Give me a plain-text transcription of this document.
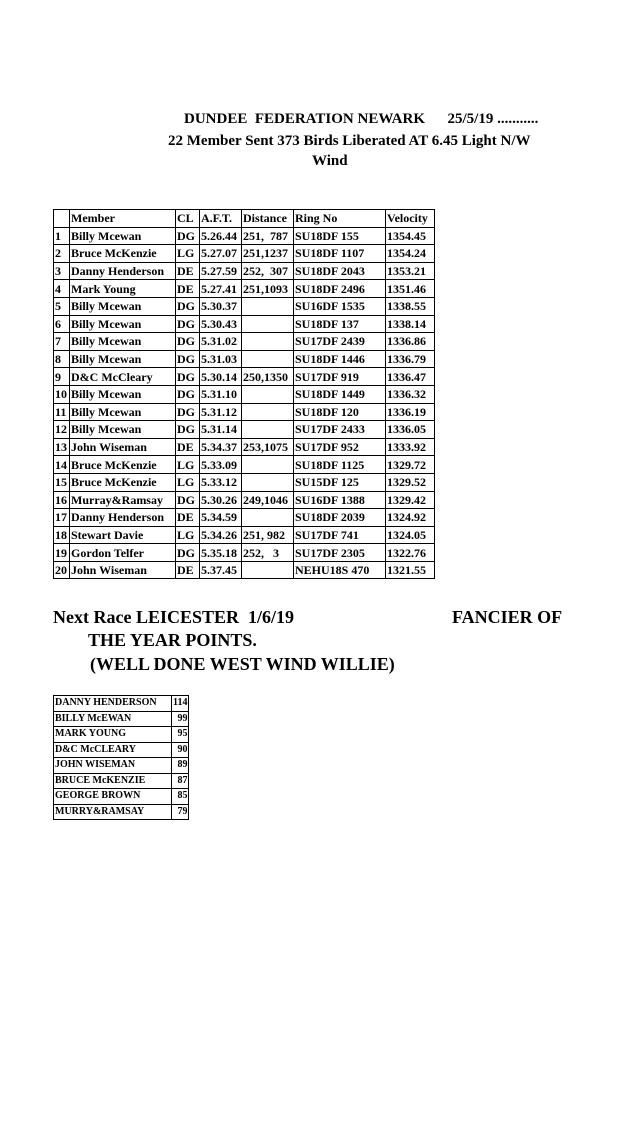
DUNDEE  FEDERATION NEWARK      25/5/19 ...........
22 Member Sent 373 Birds Liberated AT 6.45 Light N/W
Wind
	Member	CL	A.F.T.	Distance	Ring No	Velocity
1	Billy Mcewan	DG	5.26.44	251,  787	SU18DF 155	1354.45
2	Bruce McKenzie	LG	5.27.07	251,1237	SU18DF 1107	1354.24
3	Danny Henderson	DE	5.27.59	252,  307	SU18DF 2043	1353.21
4	Mark Young	DE	5.27.41	251,1093	SU18DF 2496	1351.46
5	Billy Mcewan	DG	5.30.37		SU16DF 1535	1338.55
6	Billy Mcewan	DG	5.30.43		SU18DF 137	1338.14
7	Billy Mcewan	DG	5.31.02		SU17DF 2439	1336.86
8	Billy Mcewan	DG	5.31.03		SU18DF 1446	1336.79
9	D&C McCleary	DG	5.30.14	250,1350	SU17DF 919	1336.47
10	Billy Mcewan	DG	5.31.10		SU18DF 1449	1336.32
11	Billy Mcewan	DG	5.31.12		SU18DF 120	1336.19
12	Billy Mcewan	DG	5.31.14		SU17DF 2433	1336.05
13	John Wiseman	DE	5.34.37	253,1075	SU17DF 952	1333.92
14	Bruce McKenzie	LG	5.33.09		SU18DF 1125	1329.72
15	Bruce McKenzie	LG	5.33.12		SU15DF 125	1329.52
16	Murray&Ramsay	DG	5.30.26	249,1046	SU16DF 1388	1329.42
17	Danny Henderson	DE	5.34.59		SU18DF 2039	1324.92
18	Stewart Davie	LG	5.34.26	251, 982	SU17DF 741	1324.05
19	Gordon Telfer	DG	5.35.18	252,   3	SU17DF 2305	1322.76
20	John Wiseman	DE	5.37.45		NEHU18S 470	1321.55
Next Race LEICESTER  1/6/19	FANCIER OF
THE YEAR POINTS.
(WELL DONE WEST WIND WILLIE)
DANNY HENDERSON	114
BILLY McEWAN	99
MARK YOUNG	95
D&C McCLEARY	90
JOHN WISEMAN	89
BRUCE McKENZIE	87
GEORGE BROWN	85
MURRY&RAMSAY	79
